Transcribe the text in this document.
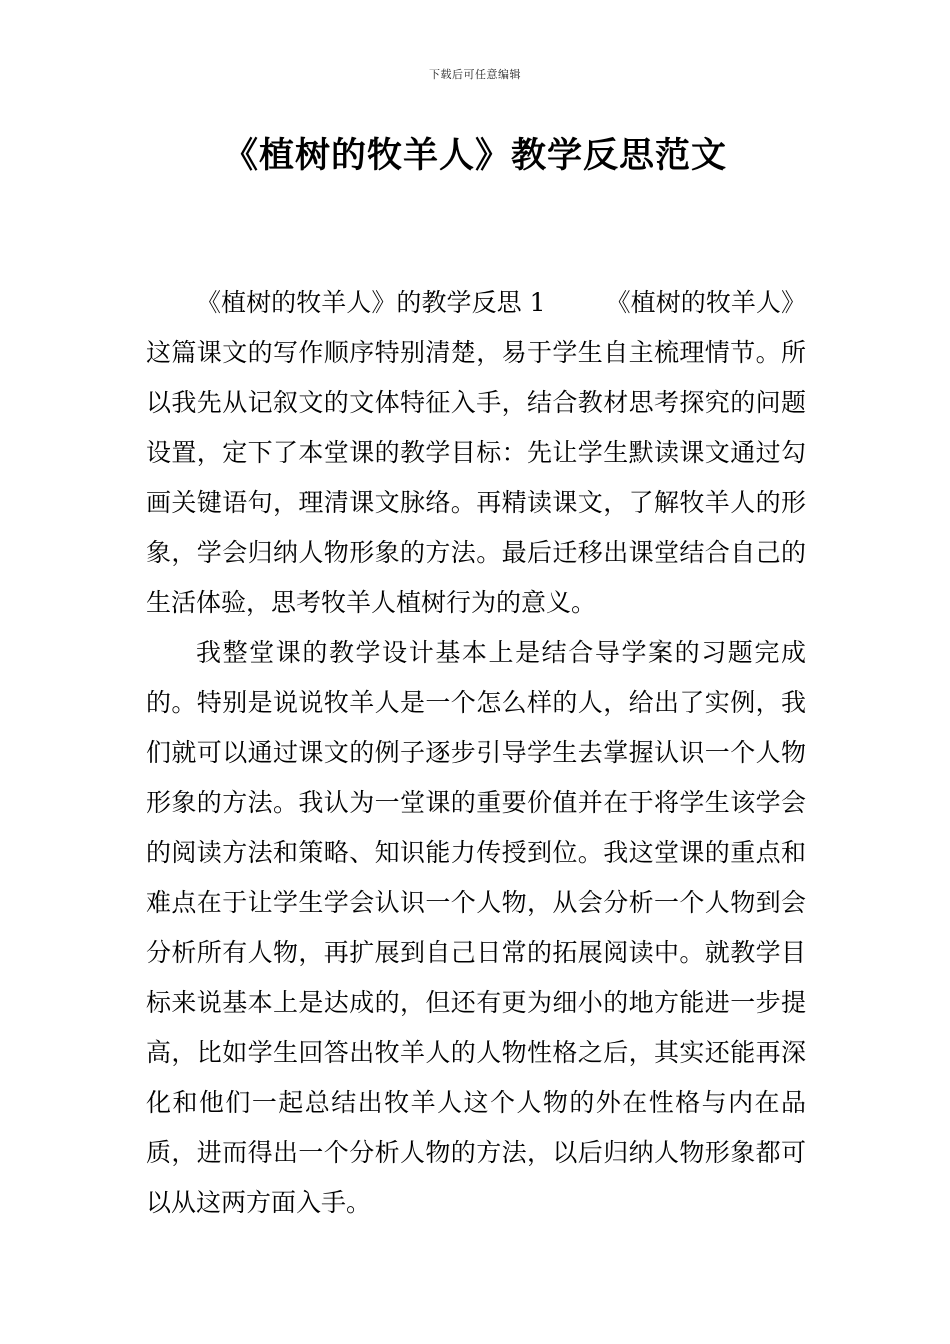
下载后可任意编辑
《植树的牧羊人》教学反思范文

《植树的牧羊人》的教学反思 1 《植树的牧羊人》这篇课文的写作顺序特别清楚，易于学生自主梳理情节。所以我先从记叙文的文体特征入手，结合教材思考探究的问题设置，定下了本堂课的教学目标：先让学生默读课文通过勾画关键语句，理清课文脉络。再精读课文，了解牧羊人的形象，学会归纳人物形象的方法。最后迁移出课堂结合自己的生活体验，思考牧羊人植树行为的意义。

我整堂课的教学设计基本上是结合导学案的习题完成的。特别是说说牧羊人是一个怎么样的人，给出了实例，我们就可以通过课文的例子逐步引导学生去掌握认识一个人物形象的方法。我认为一堂课的重要价值并在于将学生该学会的阅读方法和策略、知识能力传授到位。我这堂课的重点和难点在于让学生学会认识一个人物，从会分析一个人物到会分析所有人物，再扩展到自己日常的拓展阅读中。就教学目标来说基本上是达成的，但还有更为细小的地方能进一步提高，比如学生回答出牧羊人的人物性格之后，其实还能再深化和他们一起总结出牧羊人这个人物的外在性格与内在品质，进而得出一个分析人物的方法，以后归纳人物形象都可以从这两方面入手。
